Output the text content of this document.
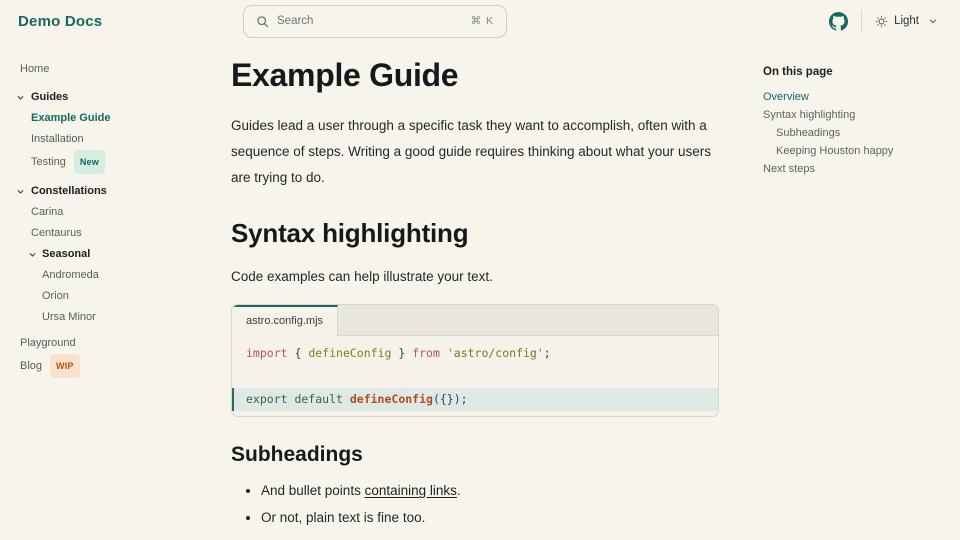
Demo Docs	Search	⌘ K	Light
Home
Guides
Example Guide
Installation
Testing	New
Constellations
Carina
Centaurus
Seasonal
Andromeda
Orion
Ursa Minor
Playground
Blog	WIP
Example Guide

Guides lead a user through a specific task they want to accomplish, often with a sequence of steps. Writing a good guide requires thinking about what your users are trying to do.

Syntax highlighting

Code examples can help illustrate your text.

astro.config.mjs
import { defineConfig } from 'astro/config';

export default defineConfig({});
Subheadings
• And bullet points containing links.
• Or not, plain text is fine too.
On this page
Overview
Syntax highlighting
Subheadings
Keeping Houston happy
Next steps
